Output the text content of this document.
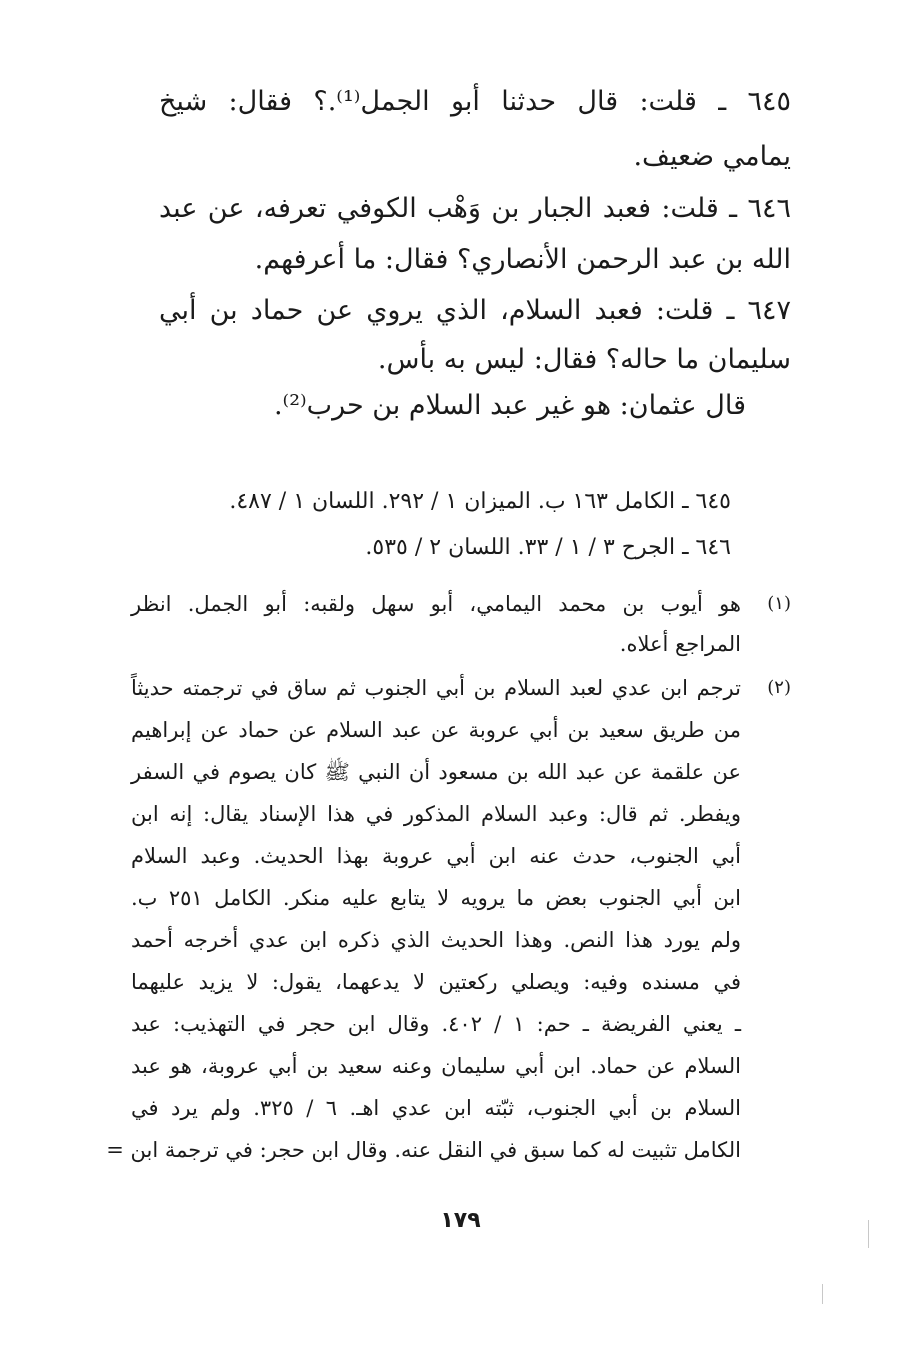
٦٤٥ ـ قلت: قال حدثنا أبو الجمل⁽¹⁾.؟ فقال: شيخ
يمامي ضعيف.
٦٤٦ ـ قلت: فعبد الجبار بن وَهْب الكوفي تعرفه، عن عبد
الله بن عبد الرحمن الأنصاري؟ فقال: ما أعرفهم.
٦٤٧ ـ قلت: فعبد السلام، الذي يروي عن حماد بن أبي
سليمان ما حاله؟ فقال: ليس به بأس.
قال عثمان: هو غير عبد السلام بن حرب⁽²⁾.
٦٤٥ ـ الكامل ١٦٣ ب. الميزان ١ / ٢٩٢. اللسان ١ / ٤٨٧.
٦٤٦ ـ الجرح ٣ / ١ / ٣٣. اللسان ٢ / ٥٣٥.
(١)
هو أيوب بن محمد اليمامي، أبو سهل ولقبه: أبو الجمل. انظر
المراجع أعلاه.
(٢)
ترجم ابن عدي لعبد السلام بن أبي الجنوب ثم ساق في ترجمته حديثاً
من طريق سعيد بن أبي عروبة عن عبد السلام عن حماد عن إبراهيم
عن علقمة عن عبد الله بن مسعود أن النبي ﷺ كان يصوم في السفر
ويفطر. ثم قال: وعبد السلام المذكور في هذا الإسناد يقال: إنه ابن
أبي الجنوب، حدث عنه ابن أبي عروبة بهذا الحديث. وعبد السلام
ابن أبي الجنوب بعض ما يرويه لا يتابع عليه منكر. الكامل ٢٥١ ب.
ولم يورد هذا النص. وهذا الحديث الذي ذكره ابن عدي أخرجه أحمد
في مسنده وفيه: ويصلي ركعتين لا يدعهما، يقول: لا يزيد عليهما
ـ يعني الفريضة ـ حم: ١ / ٤٠٢. وقال ابن حجر في التهذيب: عبد
السلام عن حماد. ابن أبي سليمان وعنه سعيد بن أبي عروبة، هو عبد
السلام بن أبي الجنوب، ثبّته ابن عدي اهـ. ٦ / ٣٢٥. ولم يرد في
الكامل تثبيت له كما سبق في النقل عنه. وقال ابن حجر: في ترجمة ابن =
١٧٩
